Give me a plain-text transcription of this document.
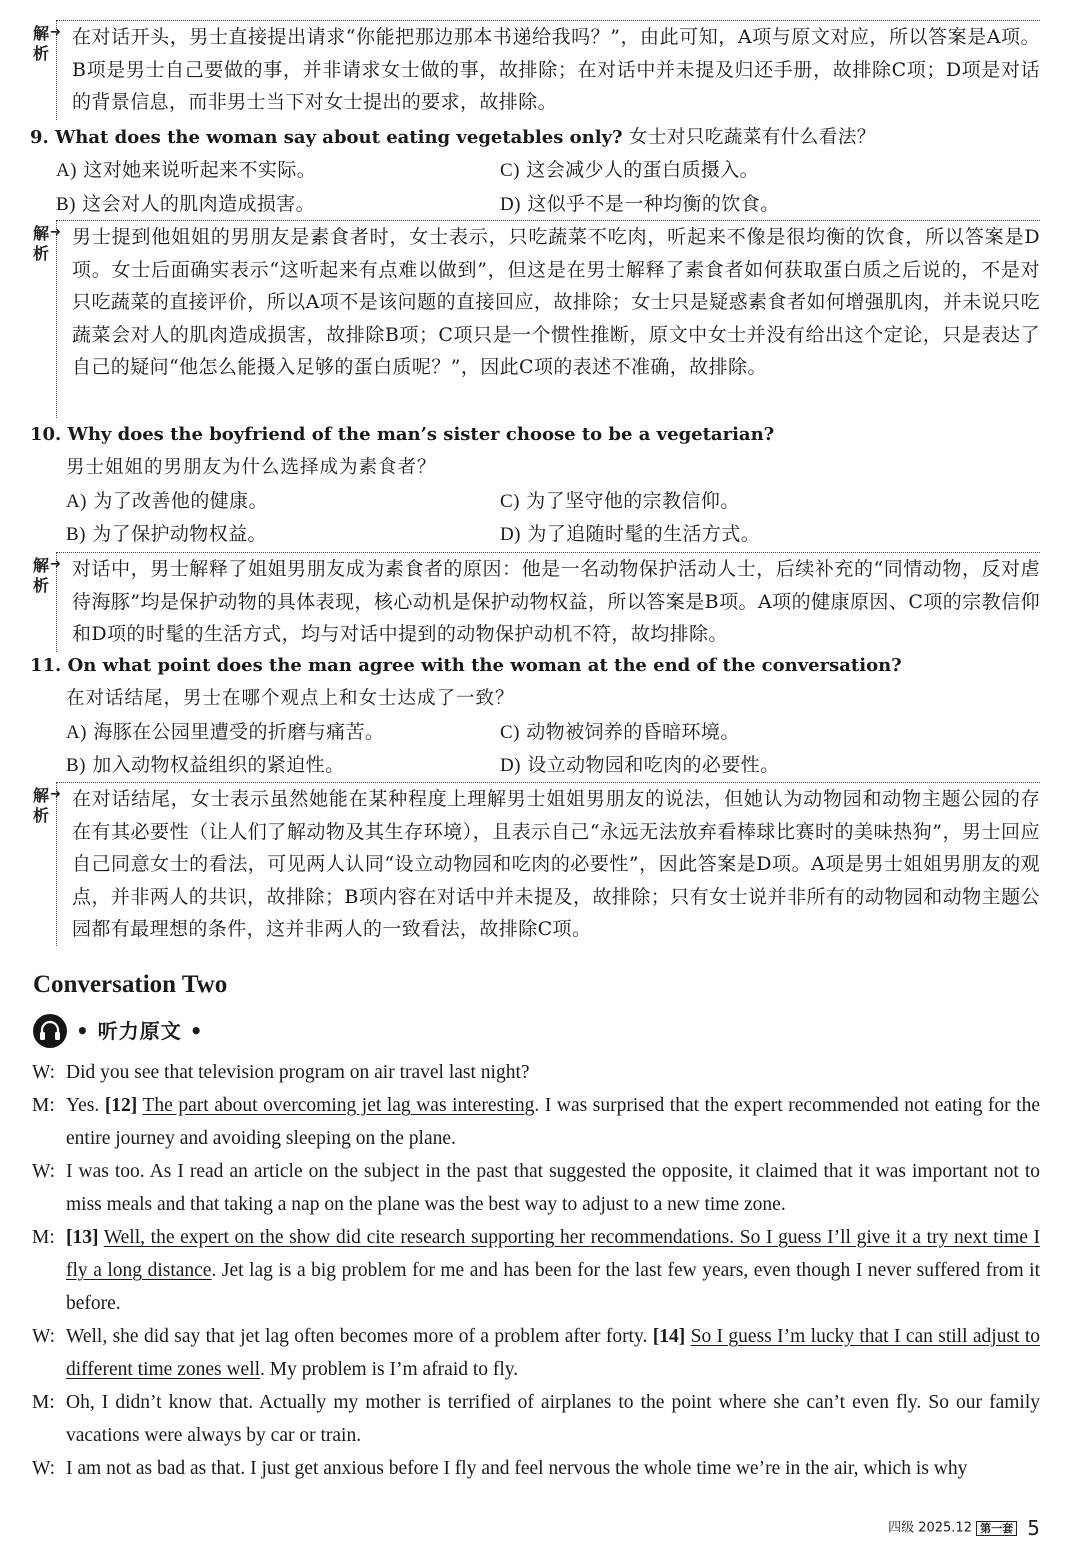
解析
➜ 在对话开头，男士直接提出请求“你能把那边那本书递给我吗？”，由此可知，A项与原文对应，所以答案是A项。B项是男士自己要做的事，并非请求女士做的事，故排除；在对话中并未提及归还手册，故排除C项；D项是对话的背景信息，而非男士当下对女士提出的要求，故排除。
9. What does the woman say about eating vegetables only? 女士对只吃蔬菜有什么看法？
A) 这对她来说听起来不实际。	C) 这会减少人的蛋白质摄入。
B) 这会对人的肌肉造成损害。	D) 这似乎不是一种均衡的饮食。
解析
➜ 男士提到他姐姐的男朋友是素食者时，女士表示，只吃蔬菜不吃肉，听起来不像是很均衡的饮食，所以答案是D项。女士后面确实表示“这听起来有点难以做到”，但这是在男士解释了素食者如何获取蛋白质之后说的，不是对只吃蔬菜的直接评价，所以A项不是该问题的直接回应，故排除；女士只是疑惑素食者如何增强肌肉，并未说只吃蔬菜会对人的肌肉造成损害，故排除B项；C项只是一个惯性推断，原文中女士并没有给出这个定论，只是表达了自己的疑问“他怎么能摄入足够的蛋白质呢？”，因此C项的表述不准确，故排除。
10. Why does the boyfriend of the man’s sister choose to be a vegetarian?
男士姐姐的男朋友为什么选择成为素食者？
A) 为了改善他的健康。	C) 为了坚守他的宗教信仰。
B) 为了保护动物权益。	D) 为了追随时髦的生活方式。
解析
➜ 对话中，男士解释了姐姐男朋友成为素食者的原因：他是一名动物保护活动人士，后续补充的“同情动物，反对虐待海豚”均是保护动物的具体表现，核心动机是保护动物权益，所以答案是B项。A项的健康原因、C项的宗教信仰和D项的时髦的生活方式，均与对话中提到的动物保护动机不符，故均排除。
11. On what point does the man agree with the woman at the end of the conversation?
在对话结尾，男士在哪个观点上和女士达成了一致？
A) 海豚在公园里遭受的折磨与痛苦。	C) 动物被饲养的昏暗环境。
B) 加入动物权益组织的紧迫性。	D) 设立动物园和吃肉的必要性。
解析
➜ 在对话结尾，女士表示虽然她能在某种程度上理解男士姐姐男朋友的说法，但她认为动物园和动物主题公园的存在有其必要性（让人们了解动物及其生存环境），且表示自己“永远无法放弃看棒球比赛时的美味热狗”，男士回应自己同意女士的看法，可见两人认同“设立动物园和吃肉的必要性”，因此答案是D项。A项是男士姐姐男朋友的观点，并非两人的共识，故排除；B项内容在对话中并未提及，故排除；只有女士说并非所有的动物园和动物主题公园都有最理想的条件，这并非两人的一致看法，故排除C项。
Conversation Two
• 听力原文 •
W: Did you see that television program on air travel last night?
M: Yes. [12] The part about overcoming jet lag was interesting. I was surprised that the expert recommended not eating for the entire journey and avoiding sleeping on the plane.
W: I was too. As I read an article on the subject in the past that suggested the opposite, it claimed that it was important not to miss meals and that taking a nap on the plane was the best way to adjust to a new time zone.
M: [13] Well, the expert on the show did cite research supporting her recommendations. So I guess I’ll give it a try next time I fly a long distance. Jet lag is a big problem for me and has been for the last few years, even though I never suffered from it before.
W: Well, she did say that jet lag often becomes more of a problem after forty. [14] So I guess I’m lucky that I can still adjust to different time zones well. My problem is I’m afraid to fly.
M: Oh, I didn’t know that. Actually my mother is terrified of airplanes to the point where she can’t even fly. So our family vacations were always by car or train.
W: I am not as bad as that. I just get anxious before I fly and feel nervous the whole time we’re in the air, which is why
四级 2025.12 第一套 5
